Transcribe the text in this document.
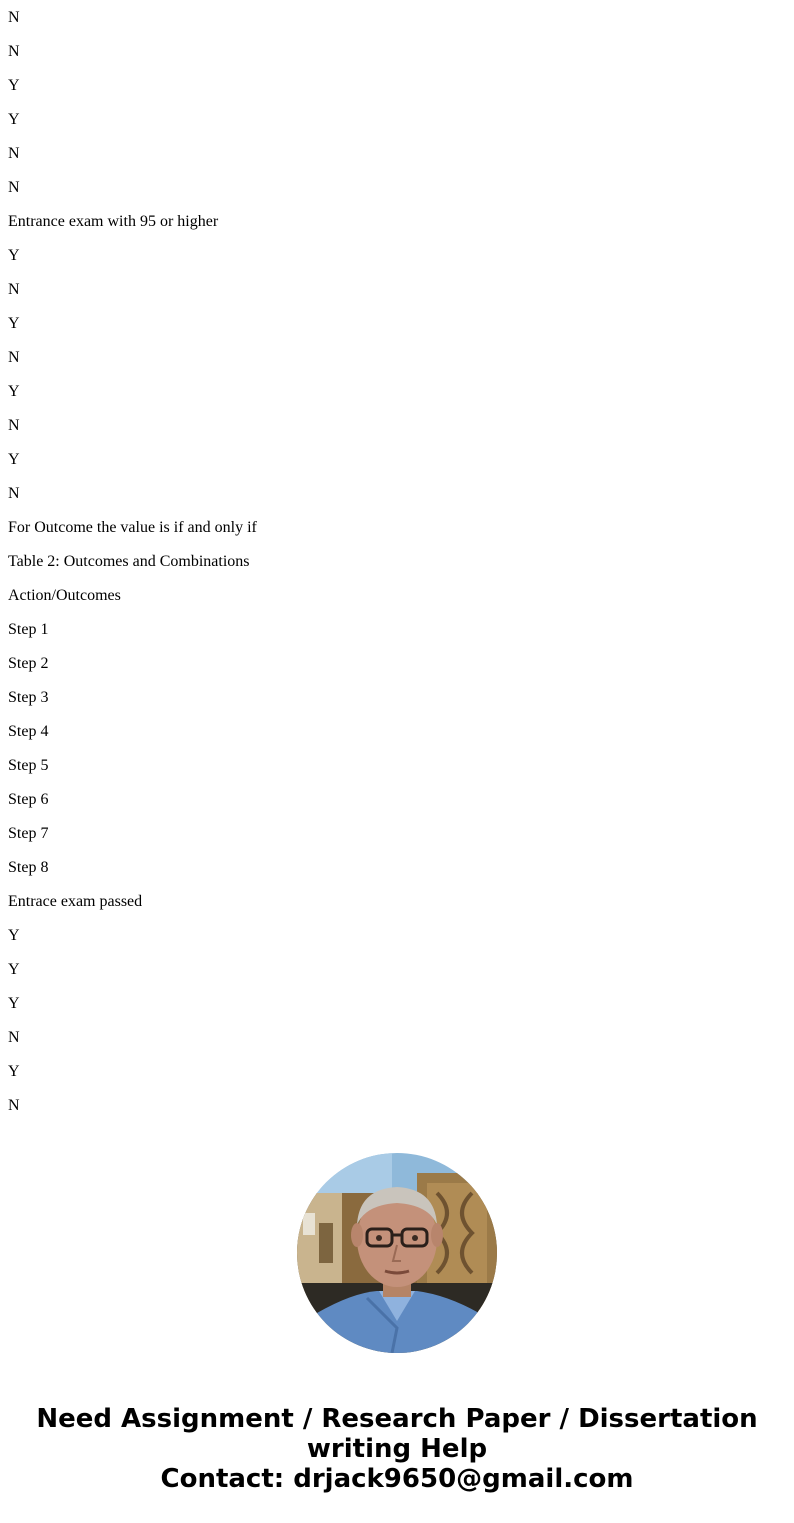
N

N

Y

Y

N

N

Entrance exam with 95 or higher

Y

N

Y

N

Y

N

Y

N

For Outcome the value is if and only if

Table 2: Outcomes and Combinations

Action/Outcomes

Step 1

Step 2

Step 3

Step 4

Step 5

Step 6

Step 7

Step 8

Entrace exam passed

Y

Y

Y

N

Y

N

Need Assignment / Research Paper / Dissertation
writing Help
Contact: drjack9650@gmail.com
